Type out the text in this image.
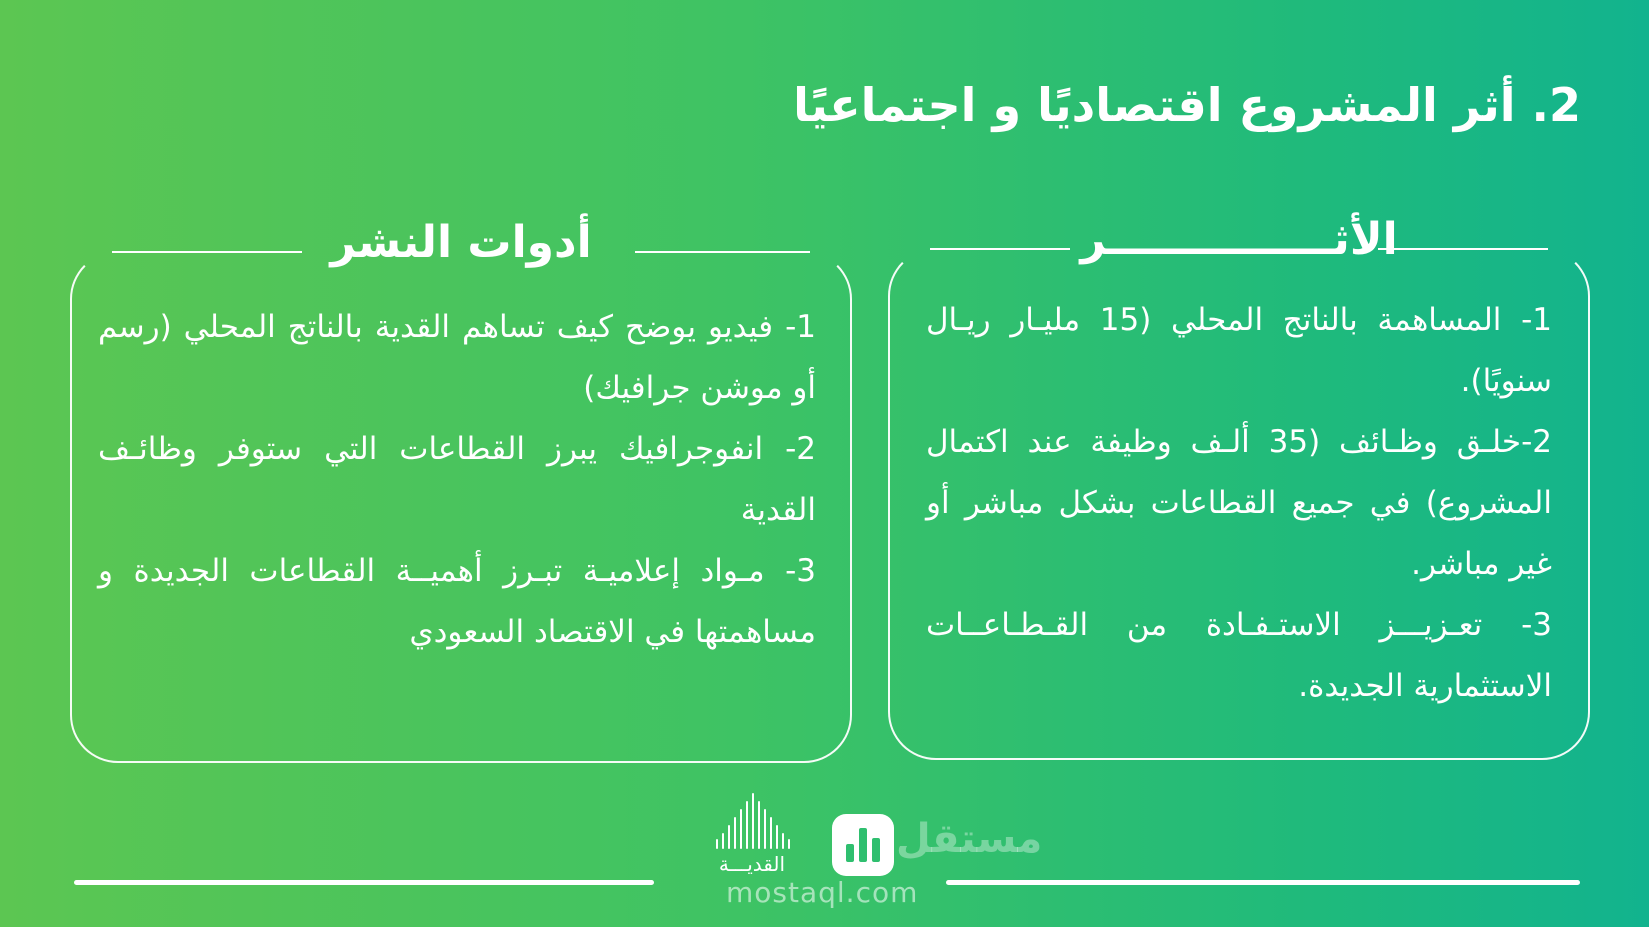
2. أثر المشروع اقتصاديًا و اجتماعيًا
الأثـــــــــــــــر
1- المساهمة بالناتج المحلي (15 مليـار ريـال سنويًا).
2-خلـق وظـائف (35 ألـف وظيفة عند اكتمال المشروع) في جميع القطاعات بشكل مباشر أو غير مباشر.
3- تعـزيـــز الاستـفـادة من القـطـاعــات الاستثمارية الجديدة.
أدوات النشر
1- فيديو يوضح كيف تساهم القدية بالناتج المحلي (رسم أو موشن جرافيك)
2- انفوجرافيك يبرز القطاعات التي ستوفر وظائـف القدية
3- مـواد إعلاميـة تبـرز أهميــة القطاعات الجديدة و مساهمتها في الاقتصاد السعودي
القديـــة
مستقل
mostaql.com
